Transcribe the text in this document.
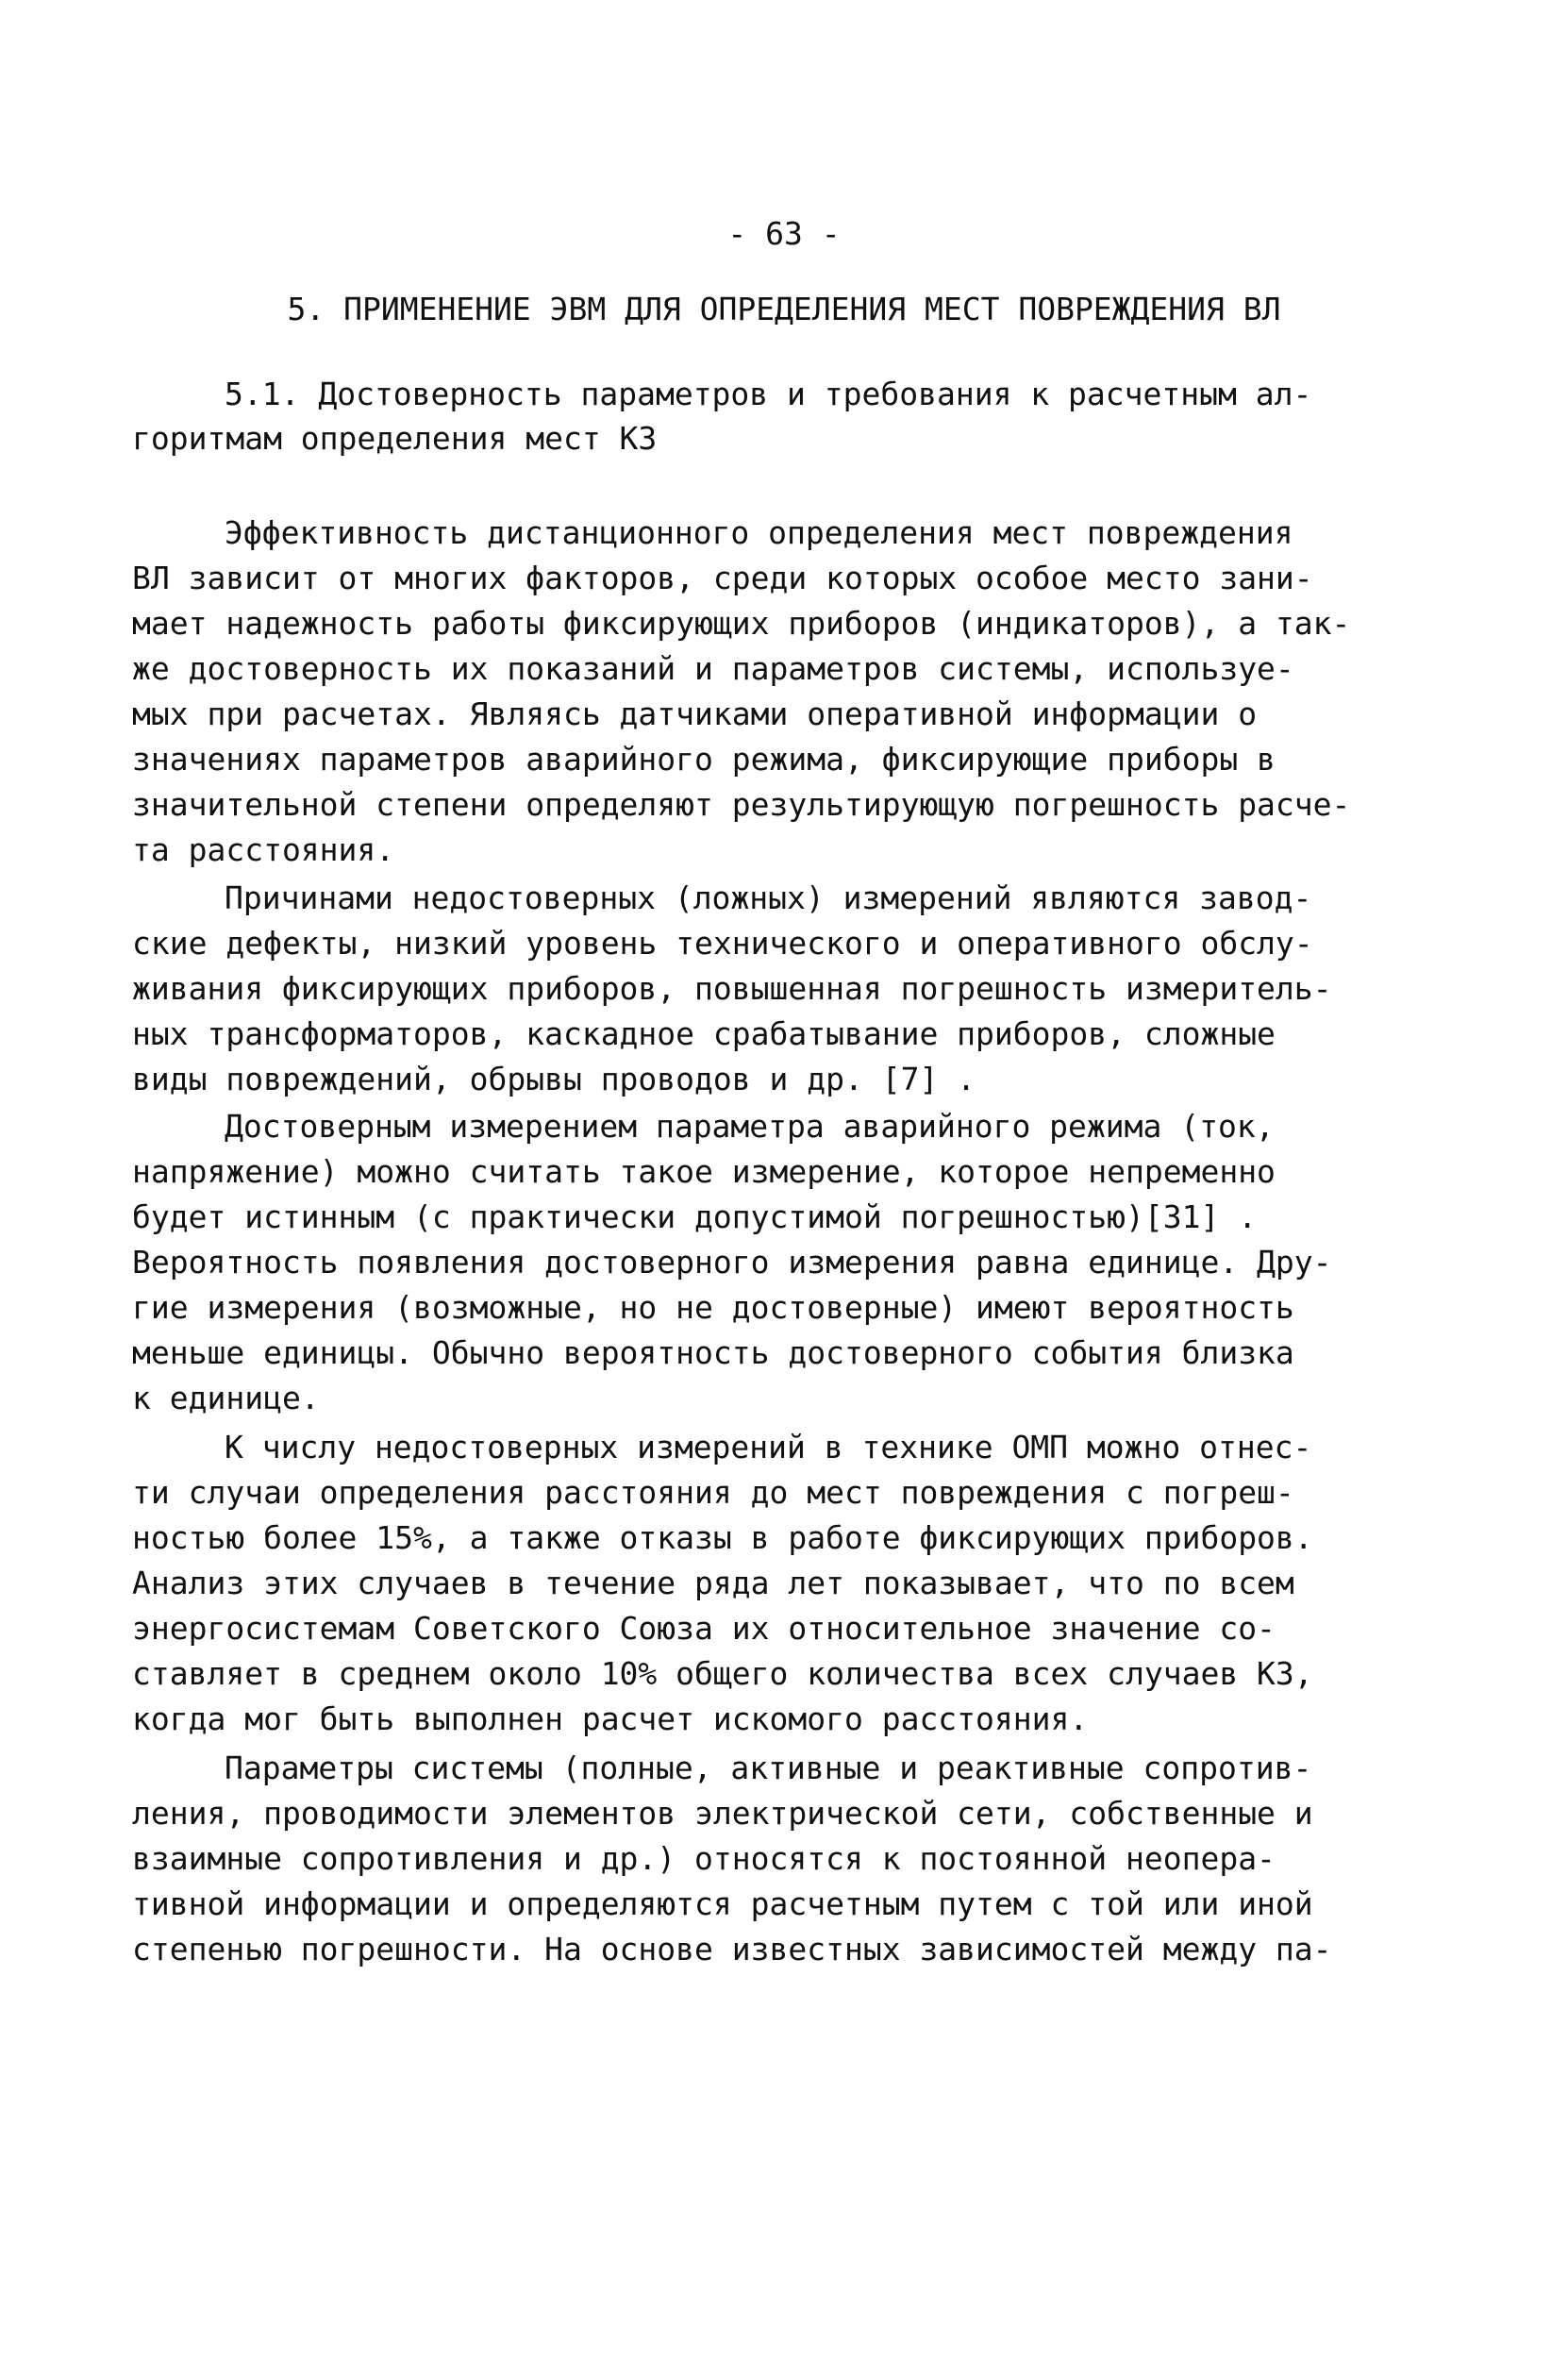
- 63 -
5. ПРИМЕНЕНИЕ ЭВМ ДЛЯ ОПРЕДЕЛЕНИЯ МЕСТ ПОВРЕЖДЕНИЯ ВЛ
5.1. Достоверность параметров и требования к расчетным ал-
горитмам определения мест КЗ
Эффективность дистанционного определения мест повреждения
ВЛ зависит от многих факторов, среди которых особое место зани-
мает надежность работы фиксирующих приборов (индикаторов), а так-
же достоверность их показаний и параметров системы, используе-
мых при расчетах. Являясь датчиками оперативной информации о
значениях параметров аварийного режима, фиксирующие приборы в
значительной степени определяют результирующую погрешность расче-
та расстояния.
Причинами недостоверных (ложных) измерений являются завод-
ские дефекты, низкий уровень технического и оперативного обслу-
живания фиксирующих приборов, повышенная погрешность измеритель-
ных трансформаторов, каскадное срабатывание приборов, сложные
виды повреждений, обрывы проводов и др. [7] .
Достоверным измерением параметра аварийного режима (ток,
напряжение) можно считать такое измерение, которое непременно
будет истинным (с практически допустимой погрешностью)[31] .
Вероятность появления достоверного измерения равна единице. Дру-
гие измерения (возможные, но не достоверные) имеют вероятность
меньше единицы. Обычно вероятность достоверного события близка
к единице.
К числу недостоверных измерений в технике ОМП можно отнес-
ти случаи определения расстояния до мест повреждения с погреш-
ностью более 15%, а также отказы в работе фиксирующих приборов.
Анализ этих случаев в течение ряда лет показывает, что по всем
энергосистемам Советского Союза их относительное значение со-
ставляет в среднем около 10% общего количества всех случаев КЗ,
когда мог быть выполнен расчет искомого расстояния.
Параметры системы (полные, активные и реактивные сопротив-
ления, проводимости элементов электрической сети, собственные и
взаимные сопротивления и др.) относятся к постоянной неопера-
тивной информации и определяются расчетным путем с той или иной
степенью погрешности. На основе известных зависимостей между па-
